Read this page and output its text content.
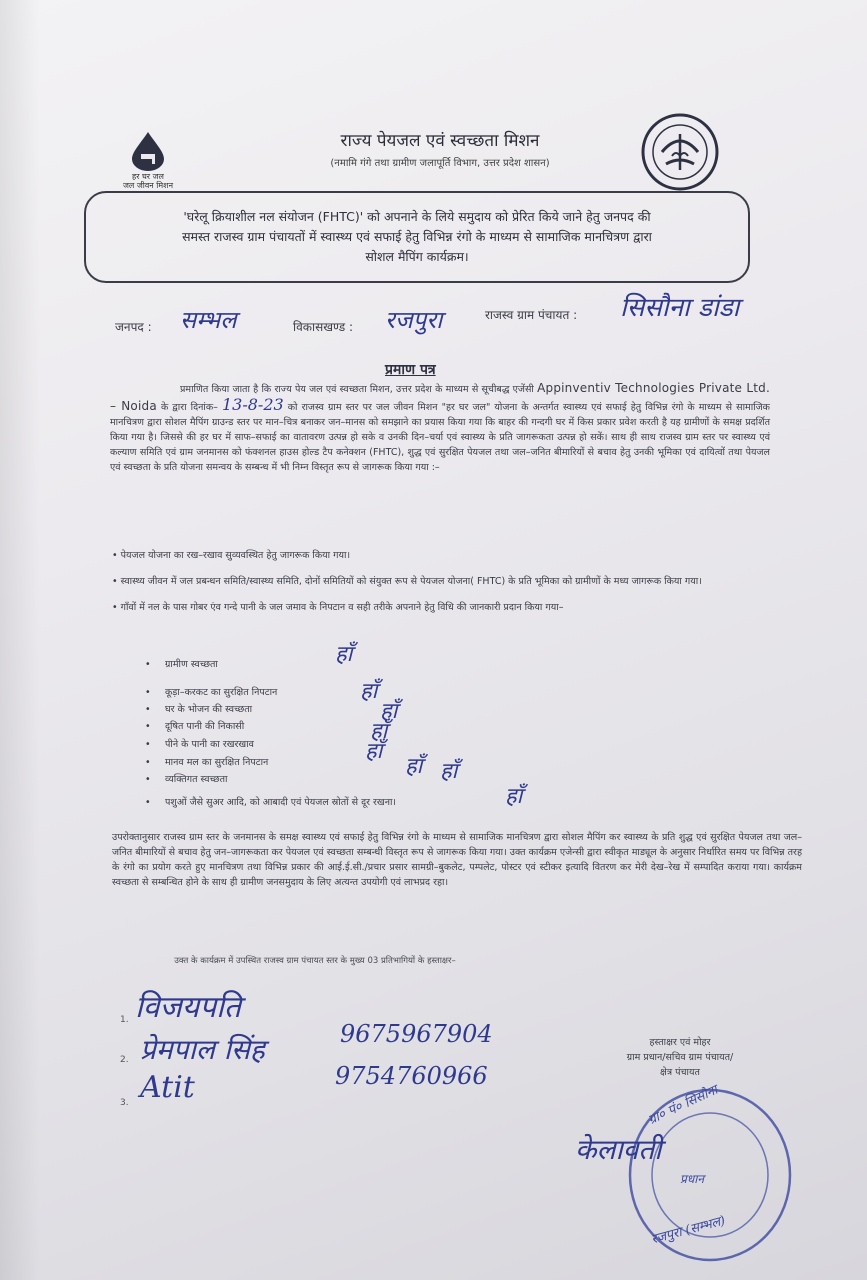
हर घर जल
जल जीवन मिशन
राज्य पेयजल एवं स्वच्छता मिशन
(नमामि गंगे तथा ग्रामीण जलापूर्ति विभाग, उत्तर प्रदेश शासन)
'घरेलू क्रियाशील नल संयोजन (FHTC)' को अपनाने के लिये समुदाय को प्रेरित किये जाने हेतु जनपद की
समस्त राजस्व ग्राम पंचायतों में स्वास्थ्य एवं सफाई हेतु विभिन्न रंगो के माध्यम से सामाजिक मानचित्रण द्वारा
सोशल मैपिंग कार्यक्रम।
जनपद : सम्भल	विकासखण्ड : रजपुरा	राजस्व ग्राम पंचायत : सिसौना डांडा
प्रमाण पत्र
प्रमाणित किया जाता है कि राज्य पेय जल एवं स्वच्छता मिशन, उत्तर प्रदेश के माध्यम से सूचीबद्ध एजेंसी Appinventiv Technologies Private Ltd. – Noida के द्वारा दिनांक– 13-8-23 को राजस्व ग्राम स्तर पर जल जीवन मिशन "हर घर जल" योजना के अन्तर्गत स्वास्थ्य एवं सफाई हेतु विभिन्न रंगो के माध्यम से सामाजिक मानचित्रण द्वारा सोशल मैपिंग ग्राउन्ड स्तर पर मान–चित्र बनाकर जन–मानस को समझाने का प्रयास किया गया कि बाहर की गन्दगी घर में किस प्रकार प्रवेश करती है यह ग्रामीणों के समक्ष प्रदर्शित किया गया है। जिससे की हर घर में साफ–सफाई का वातावरण उत्पन्न हो सके व उनकी दिन–चर्या एवं स्वास्थ्य के प्रति जागरूकता उत्पन्न हो सकें। साथ ही साथ राजस्व ग्राम स्तर पर स्वास्थ्य एवं कल्याण समिति एवं ग्राम जनमानस को फंक्शनल हाउस होल्ड टैप कनेक्शन (FHTC), शुद्ध एवं सुरक्षित पेयजल तथा जल–जनित बीमारियों से बचाव हेतु उनकी भूमिका एवं दायित्वों तथा पेयजल एवं स्वच्छता के प्रति योजना समन्वय के सम्बन्ध में भी निम्न विस्तृत रूप से जागरूक किया गया :–
• पेयजल योजना का रख–रखाव सुव्यवस्थित हेतु जागरूक किया गया।
• स्वास्थ्य जीवन में जल प्रबन्धन समिति/स्वास्थ्य समिति, दोनों समितियों को संयुक्त रूप से पेयजल योजना( FHTC) के प्रति भूमिका को ग्रामीणों के मध्य जागरूक किया गया।
• गाँवों में नल के पास गोबर एंव गन्दे पानी के जल जमाव के निपटान व सही तरीके अपनाने हेतु विधि की जानकारी प्रदान किया गया–
• ग्रामीण स्वच्छता
• कूड़ा–करकट का सुरक्षित निपटान
• घर के भोजन की स्वच्छता
• दूषित पानी की निकासी
• पीने के पानी का रखरखाव
• मानव मल का सुरक्षित निपटान
• व्यक्तिगत स्वच्छता
• पशुओं जैसे सुअर आदि, को आबादी एवं पेयजल स्रोतों से दूर रखना।
हाँ
हाँ
हाँ
हाँ
हाँ
हाँ हाँ
हाँ
उपरोक्तानुसार राजस्व ग्राम स्तर के जनमानस के समक्ष स्वास्थ्य एवं सफाई हेतु विभिन्न रंगो के माध्यम से सामाजिक मानचित्रण द्वारा सोशल मैपिंग कर स्वास्थ्य के प्रति शुद्ध एवं सुरक्षित पेयजल तथा जल–जनित बीमारियों से बचाव हेतु जन–जागरूकता कर पेयजल एवं स्वच्छता सम्बन्धी विस्तृत रूप से जागरूक किया गया। उक्त कार्यक्रम एजेन्सी द्वारा स्वीकृत माड्यूल के अनुसार निर्धारित समय पर विभिन्न तरह के रंगो का प्रयोग करते हुए मानचित्रण तथा विभिन्न प्रकार की आई.ई.सी./प्रचार प्रसार सामग्री–बुकलेट, पम्पलेट, पोस्टर एवं स्टीकर इत्यादि वितरण कर मेरी देख–रेख में सम्पादित कराया गया। कार्यक्रम स्वच्छता से सम्बन्धित होने के साथ ही ग्रामीण जनसमुदाय के लिए अत्यन्त उपयोगी एवं लाभप्रद रहा।
उक्त के कार्यक्रम में उपस्थित राजस्व ग्राम पंचायत स्तर के मुख्य 03 प्रतिभागियों के हस्ताक्षर–
1. विजयपति
2. प्रेमपाल सिंह
3. Atit
9675967904
9754760966
हस्ताक्षर एवं मोहर
ग्राम प्रधान/सचिव ग्राम पंचायत/
क्षेत्र पंचायत
ग्रा० पं० सिसौना
प्रधान
रजपुरा (सम्भल)
केलावती
